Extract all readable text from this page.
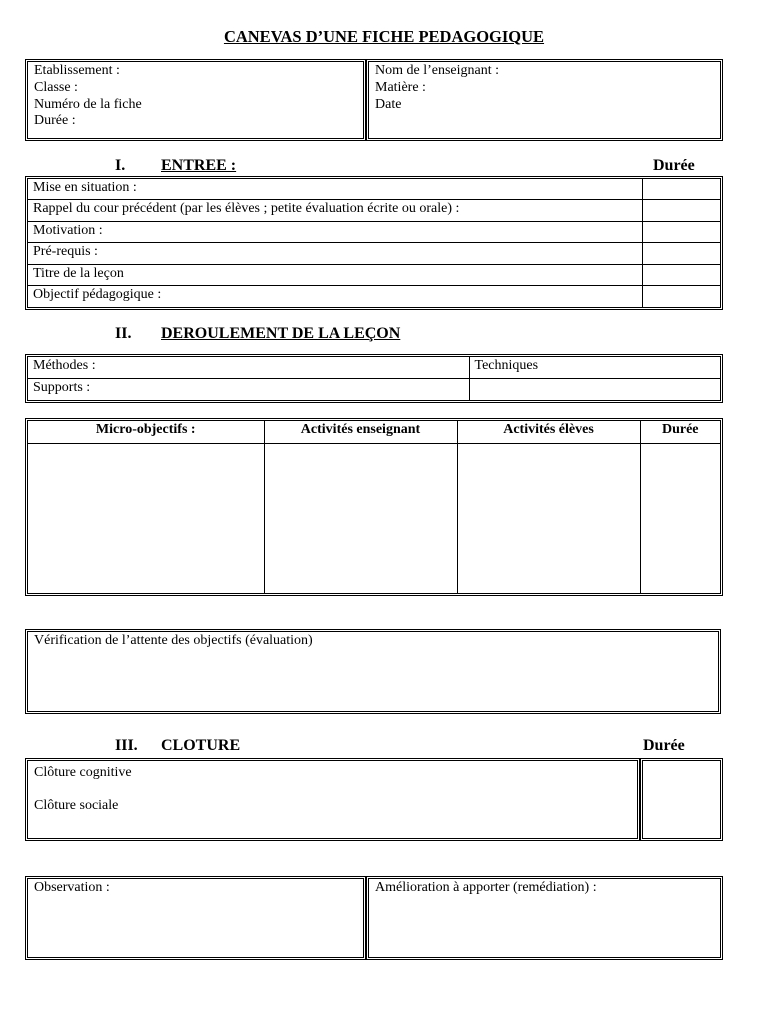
CANEVAS D’UNE FICHE PEDAGOGIQUE
Etablissement :
Classe :
Numéro de la fiche
Durée :
Nom de l’enseignant :
Matière :
Date
I. ENTREE :	Durée
Mise en situation :	
Rappel du cour précédent (par les élèves ; petite évaluation écrite ou orale) :	
Motivation :	
Pré-requis :	
Titre de la leçon	
Objectif pédagogique :	
II. DEROULEMENT DE LA LEÇON
Méthodes :	Techniques
Supports :	
Micro-objectifs :	Activités enseignant	Activités élèves	Durée

Vérification de l’attente des objectifs (évaluation)
III. CLOTURE	Durée
Clôture cognitive
Clôture sociale
Observation :	Amélioration à apporter (remédiation) :
